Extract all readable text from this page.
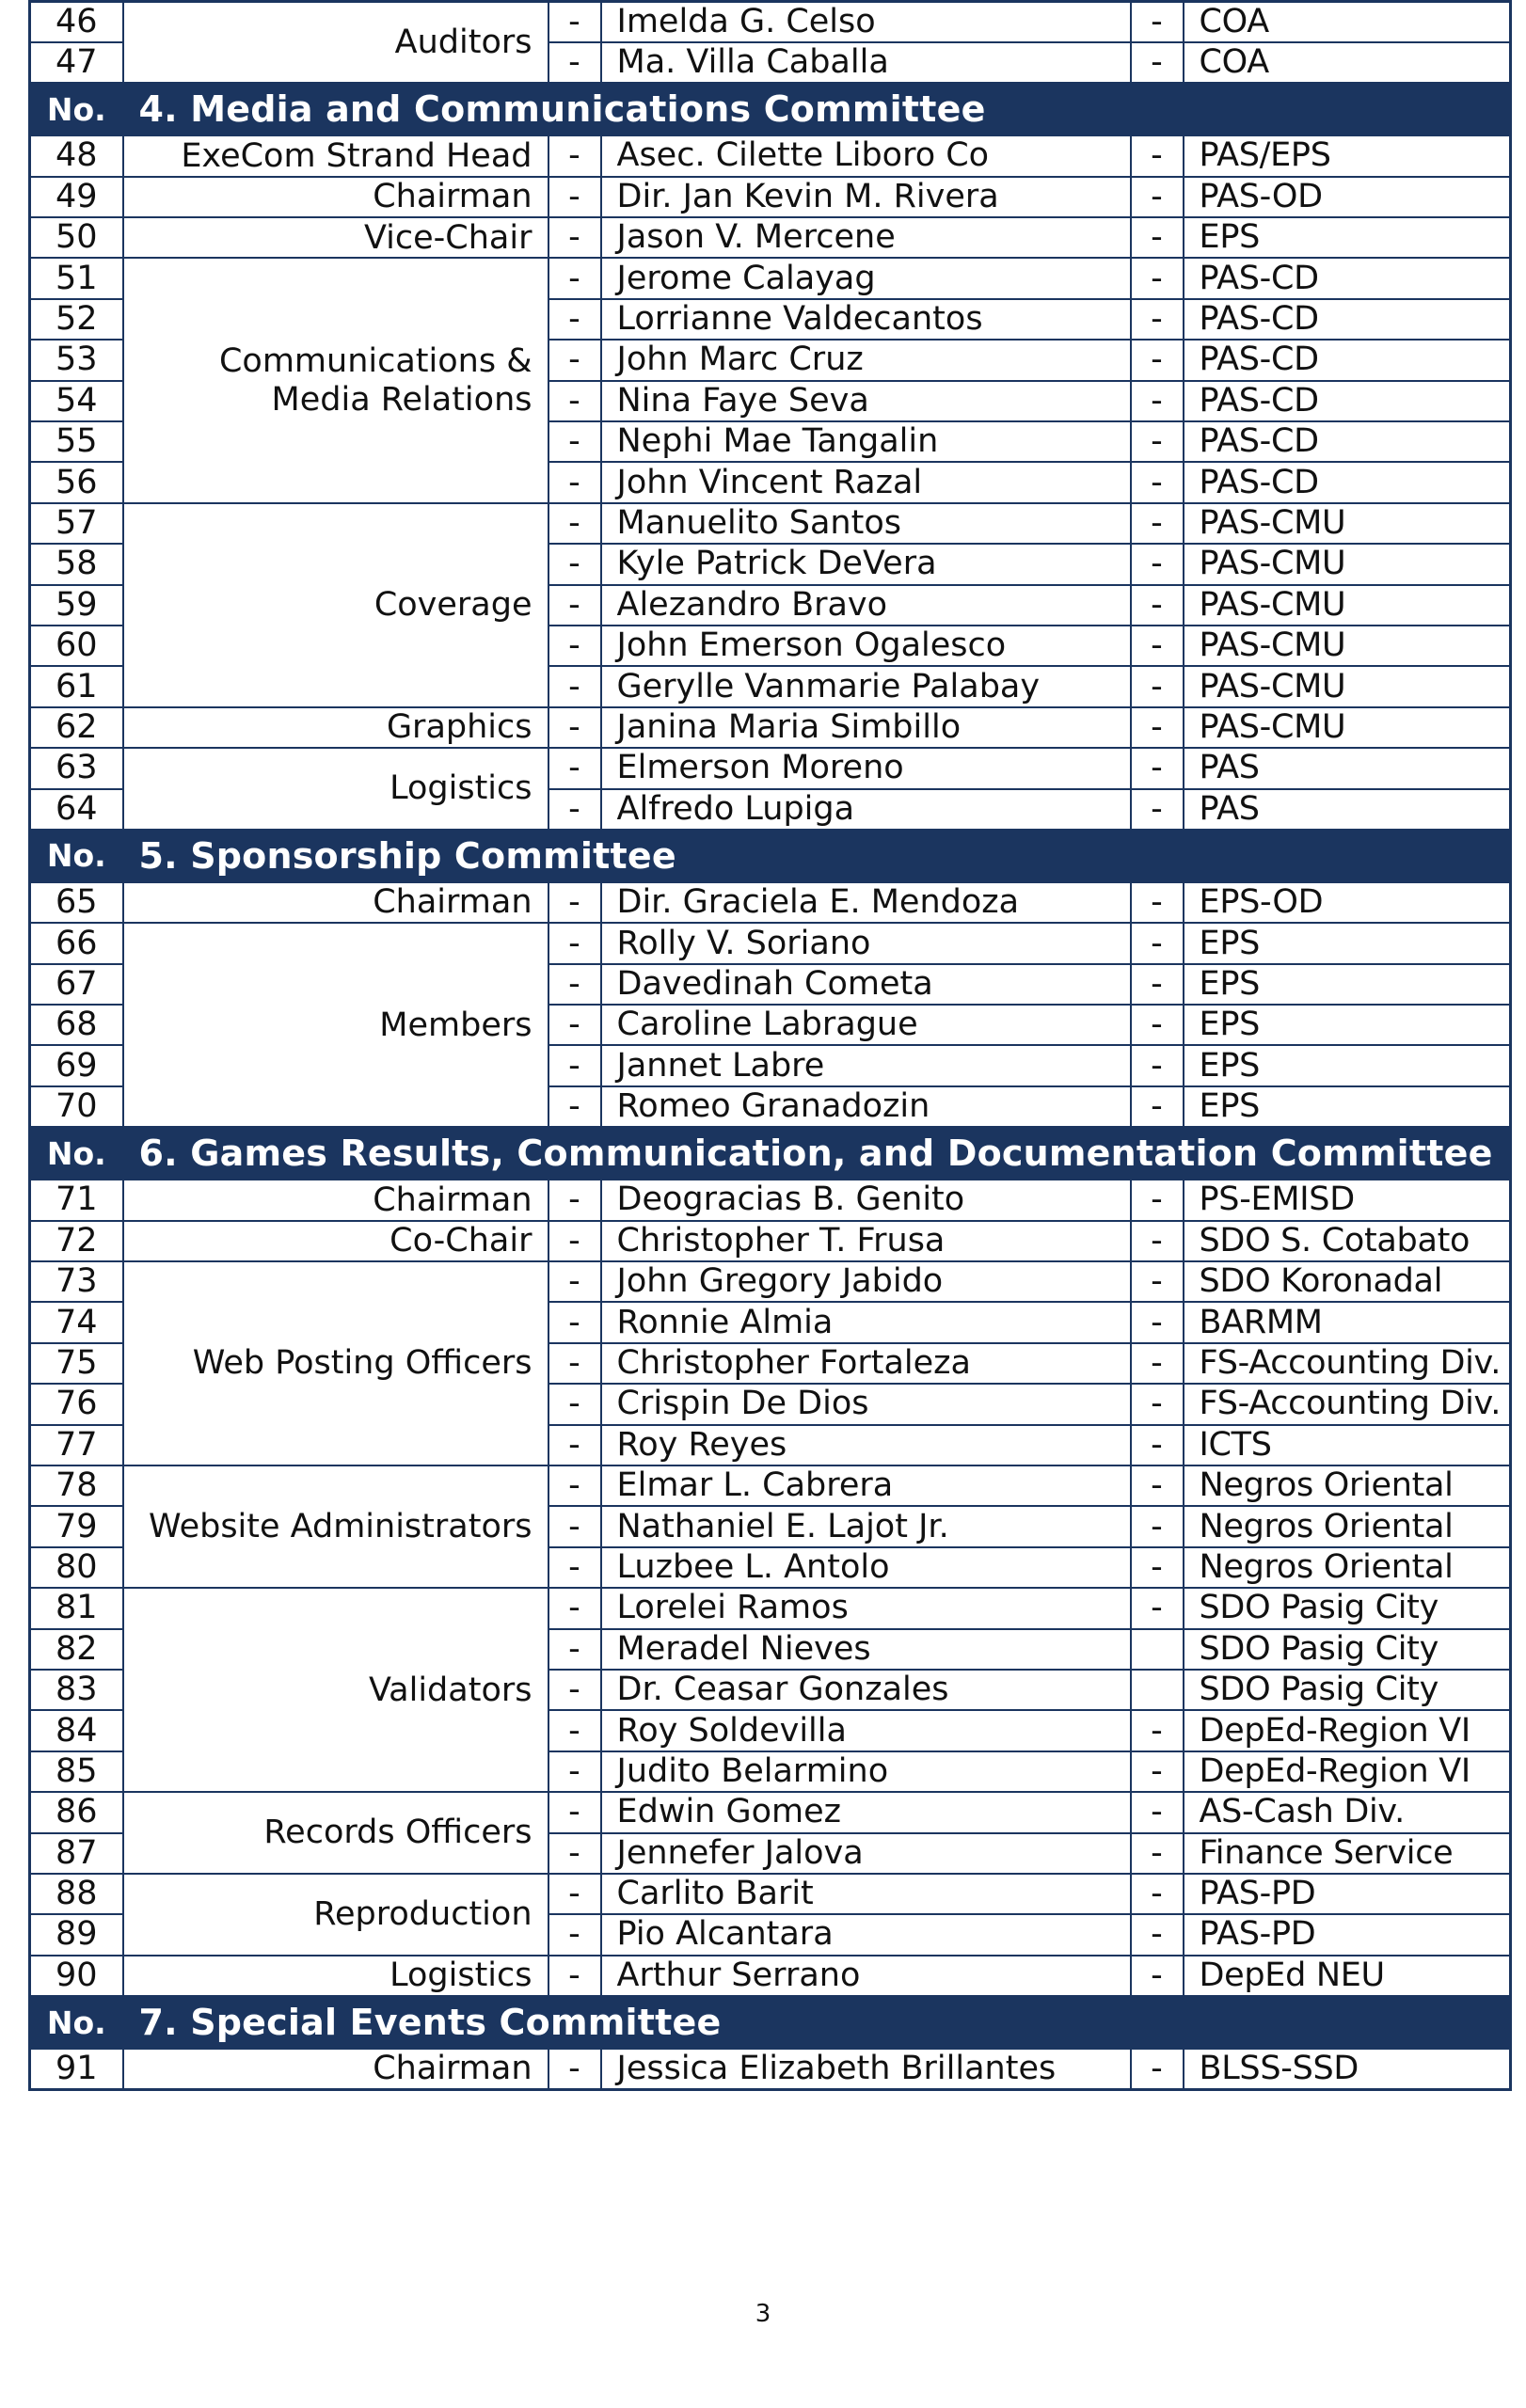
46	Auditors	-	Imelda G. Celso	-	COA
47		-	Ma. Villa Caballa	-	COA
No.	4. Media and Communications Committee				
48	ExeCom Strand Head	-	Asec. Cilette Liboro Co	-	PAS/EPS
49	Chairman	-	Dir. Jan Kevin M. Rivera	-	PAS-OD
50	Vice-Chair	-	Jason V. Mercene	-	EPS
51	Communications & Media Relations	-	Jerome Calayag	-	PAS-CD
52		-	Lorrianne Valdecantos	-	PAS-CD
53		-	John Marc Cruz	-	PAS-CD
54		-	Nina Faye Seva	-	PAS-CD
55		-	Nephi Mae Tangalin	-	PAS-CD
56		-	John Vincent Razal	-	PAS-CD
57	Coverage	-	Manuelito Santos	-	PAS-CMU
58		-	Kyle Patrick DeVera	-	PAS-CMU
59		-	Alezandro Bravo	-	PAS-CMU
60		-	John Emerson Ogalesco	-	PAS-CMU
61		-	Gerylle Vanmarie Palabay	-	PAS-CMU
62	Graphics	-	Janina Maria Simbillo	-	PAS-CMU
63	Logistics	-	Elmerson Moreno	-	PAS
64		-	Alfredo Lupiga	-	PAS
No.	5. Sponsorship Committee				
65	Chairman	-	Dir. Graciela E. Mendoza	-	EPS-OD
66	Members	-	Rolly V. Soriano	-	EPS
67		-	Davedinah Cometa	-	EPS
68		-	Caroline Labrague	-	EPS
69		-	Jannet Labre	-	EPS
70		-	Romeo Granadozin	-	EPS
No.	6. Games Results, Communication, and Documentation Committee				
71	Chairman	-	Deogracias B. Genito	-	PS-EMISD
72	Co-Chair	-	Christopher T. Frusa	-	SDO S. Cotabato
73	Web Posting Officers	-	John Gregory Jabido	-	SDO Koronadal
74		-	Ronnie Almia	-	BARMM
75		-	Christopher Fortaleza	-	FS-Accounting Div.
76		-	Crispin De Dios	-	FS-Accounting Div.
77		-	Roy Reyes	-	ICTS
78	Website Administrators	-	Elmar L. Cabrera	-	Negros Oriental
79		-	Nathaniel E. Lajot Jr.	-	Negros Oriental
80		-	Luzbee L. Antolo	-	Negros Oriental
81	Validators	-	Lorelei Ramos	-	SDO Pasig City
82		-	Meradel Nieves		SDO Pasig City
83		-	Dr. Ceasar Gonzales		SDO Pasig City
84		-	Roy Soldevilla	-	DepEd-Region VI
85		-	Judito Belarmino	-	DepEd-Region VI
86	Records Officers	-	Edwin Gomez	-	AS-Cash Div.
87		-	Jennefer Jalova	-	Finance Service
88	Reproduction	-	Carlito Barit	-	PAS-PD
89		-	Pio Alcantara	-	PAS-PD
90	Logistics	-	Arthur Serrano	-	DepEd NEU
No.	7. Special Events Committee				
91	Chairman	-	Jessica Elizabeth Brillantes	-	BLSS-SSD
3
